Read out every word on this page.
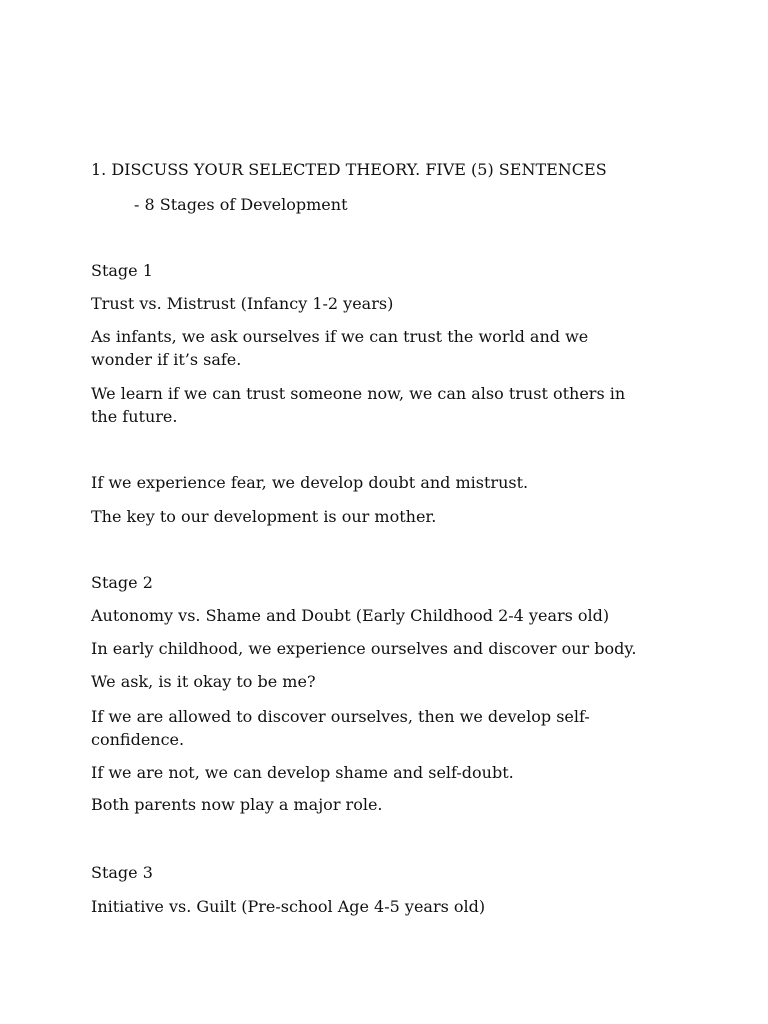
1. DISCUSS YOUR SELECTED THEORY. FIVE (5) SENTENCES

- 8 Stages of Development

Stage 1

Trust vs. Mistrust (Infancy 1-2 years)

As infants, we ask ourselves if we can trust the world and we

wonder if it’s safe.

We learn if we can trust someone now, we can also trust others in

the future.

If we experience fear, we develop doubt and mistrust.

The key to our development is our mother.

Stage 2

Autonomy vs. Shame and Doubt (Early Childhood 2-4 years old)

In early childhood, we experience ourselves and discover our body.

We ask, is it okay to be me?

If we are allowed to discover ourselves, then we develop self-

confidence.

If we are not, we can develop shame and self-doubt.

Both parents now play a major role.

Stage 3

Initiative vs. Guilt (Pre-school Age 4-5 years old)
